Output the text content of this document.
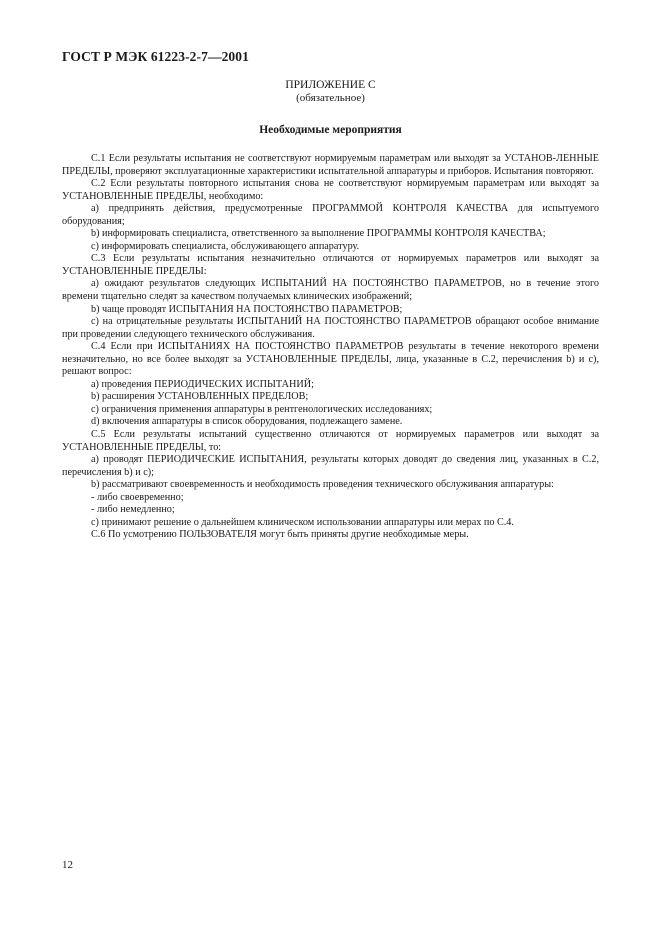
ГОСТ Р МЭК 61223-2-7—2001
ПРИЛОЖЕНИЕ С
(обязательное)
Необходимые мероприятия

С.1 Если результаты испытания не соответствуют нормируемым параметрам или выходят за УСТАНОВ-ЛЕННЫЕ ПРЕДЕЛЫ, проверяют эксплуатационные характеристики испытательной аппаратуры и приборов. Испытания повторяют.

С.2 Если результаты повторного испытания снова не соответствуют нормируемым параметрам или выходят за УСТАНОВЛЕННЫЕ ПРЕДЕЛЫ, необходимо:

а) предпринять действия, предусмотренные ПРОГРАММОЙ КОНТРОЛЯ КАЧЕСТВА для испытуемого оборудования;

b) информировать специалиста, ответственного за выполнение ПРОГРАММЫ КОНТРОЛЯ КАЧЕСТВА;

с) информировать специалиста, обслуживающего аппаратуру.

С.3 Если результаты испытания незначительно отличаются от нормируемых параметров или выходят за УСТАНОВЛЕННЫЕ ПРЕДЕЛЫ:

а) ожидают результатов следующих ИСПЫТАНИЙ НА ПОСТОЯНСТВО ПАРАМЕТРОВ, но в течение этого времени тщательно следят за качеством получаемых клинических изображений;

b) чаще проводят ИСПЫТАНИЯ НА ПОСТОЯНСТВО ПАРАМЕТРОВ;

с) на отрицательные результаты ИСПЫТАНИЙ НА ПОСТОЯНСТВО ПАРАМЕТРОВ обращают особое внимание при проведении следующего технического обслуживания.

С.4 Если при ИСПЫТАНИЯХ НА ПОСТОЯНСТВО ПАРАМЕТРОВ результаты в течение некоторого времени незначительно, но все более выходят за УСТАНОВЛЕННЫЕ ПРЕДЕЛЫ, лица, указанные в С.2, перечисления b) и с), решают вопрос:

а) проведения ПЕРИОДИЧЕСКИХ ИСПЫТАНИЙ;

b) расширения УСТАНОВЛЕННЫХ ПРЕДЕЛОВ;

с) ограничения применения аппаратуры в рентгенологических исследованиях;

d) включения аппаратуры в список оборудования, подлежащего замене.

С.5 Если результаты испытаний существенно отличаются от нормируемых параметров или выходят за УСТАНОВЛЕННЫЕ ПРЕДЕЛЫ, то:

а) проводят ПЕРИОДИЧЕСКИЕ ИСПЫТАНИЯ, результаты которых доводят до сведения лиц, указанных в С.2, перечисления b) и с);

b) рассматривают своевременность и необходимость проведения технического обслуживания аппаратуры:

- либо своевременно;

- либо немедленно;

с) принимают решение о дальнейшем клиническом использовании аппаратуры или мерах по С.4.

С.6 По усмотрению ПОЛЬЗОВАТЕЛЯ могут быть приняты другие необходимые меры.

12
